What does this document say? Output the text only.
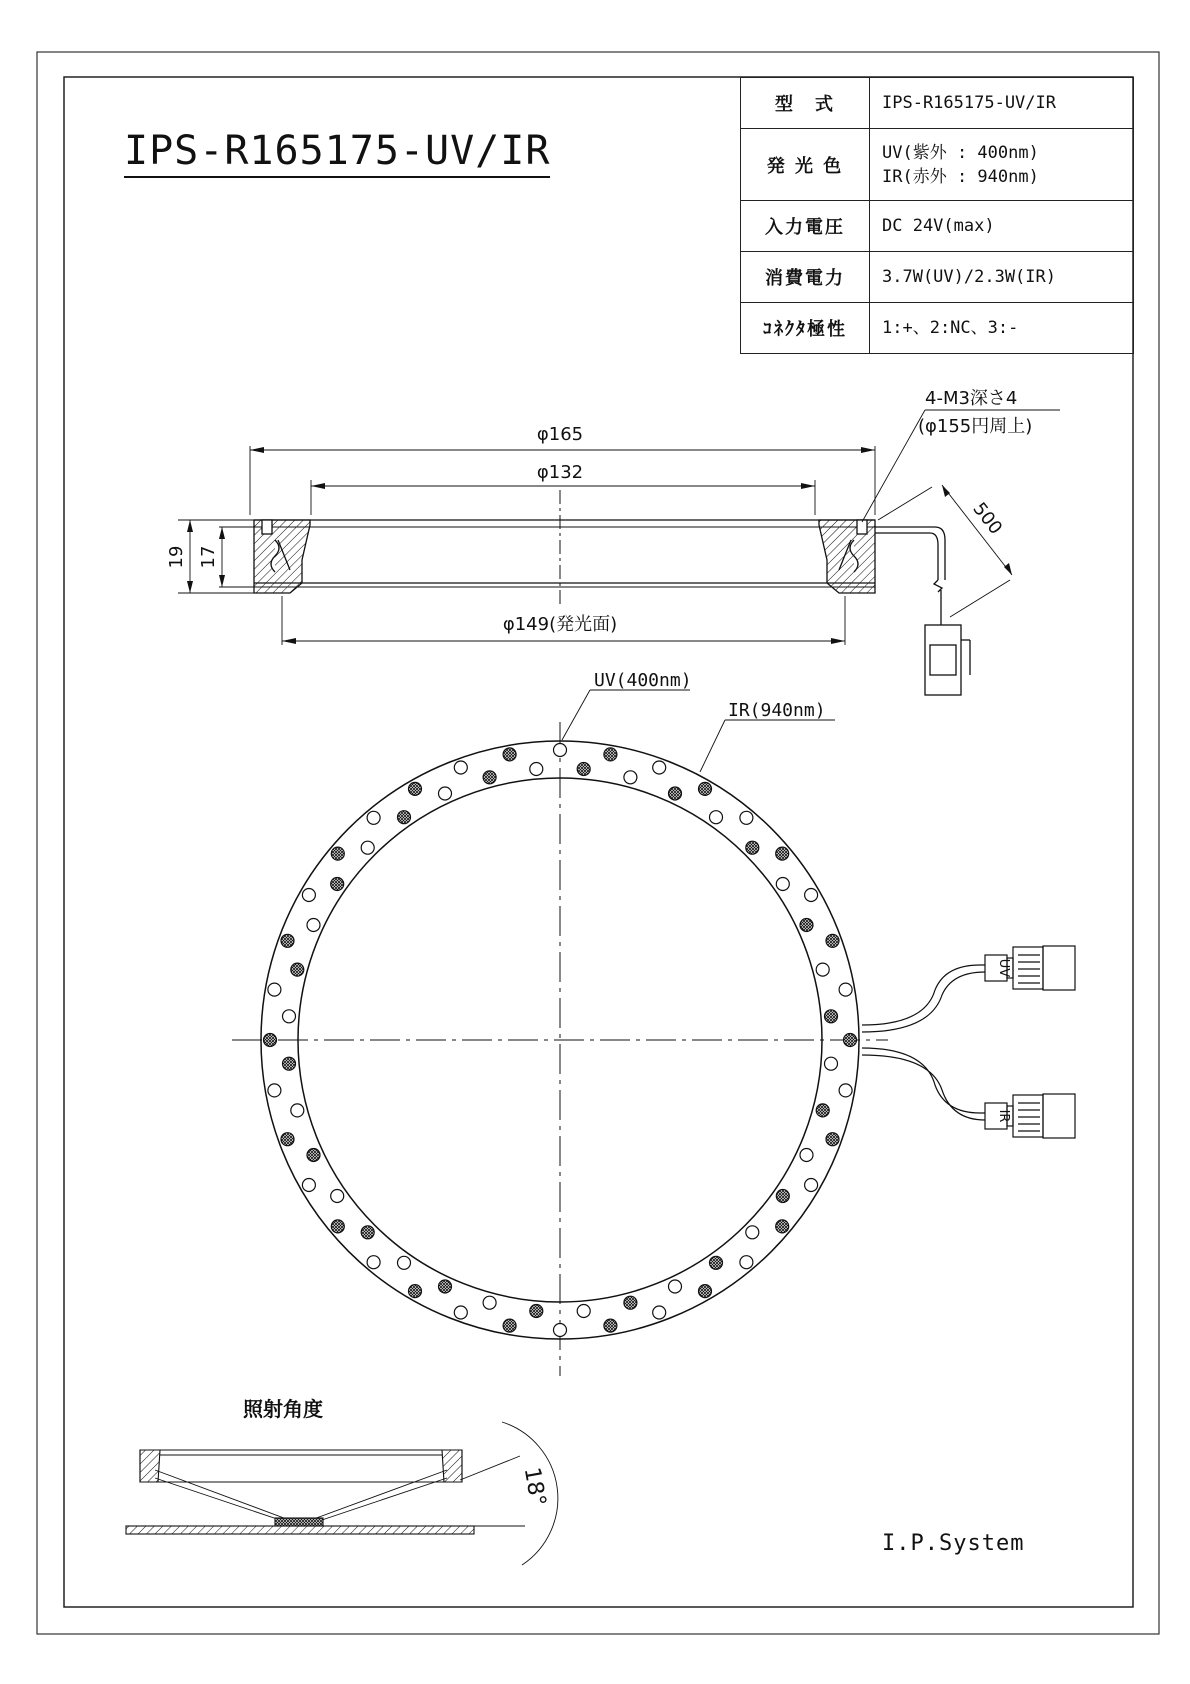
φ165
φ132
φ149(発光面)
19 17
4-M3深さ4
(φ155円周上)
500
UV(400nm)
IR(940nm)
UV
IR
18°
IPS-R165175-UV/IR
型　式	IPS-R165175-UV/IR
発 光 色	UV(紫外 : 400nm)
IR(赤外 : 940nm)

入力電圧	DC 24V(max)
消費電力	3.7W(UV)/2.3W(IR)
ｺﾈｸﾀ極性	1:+、2:NC、3:-
照射角度
I.P.System
